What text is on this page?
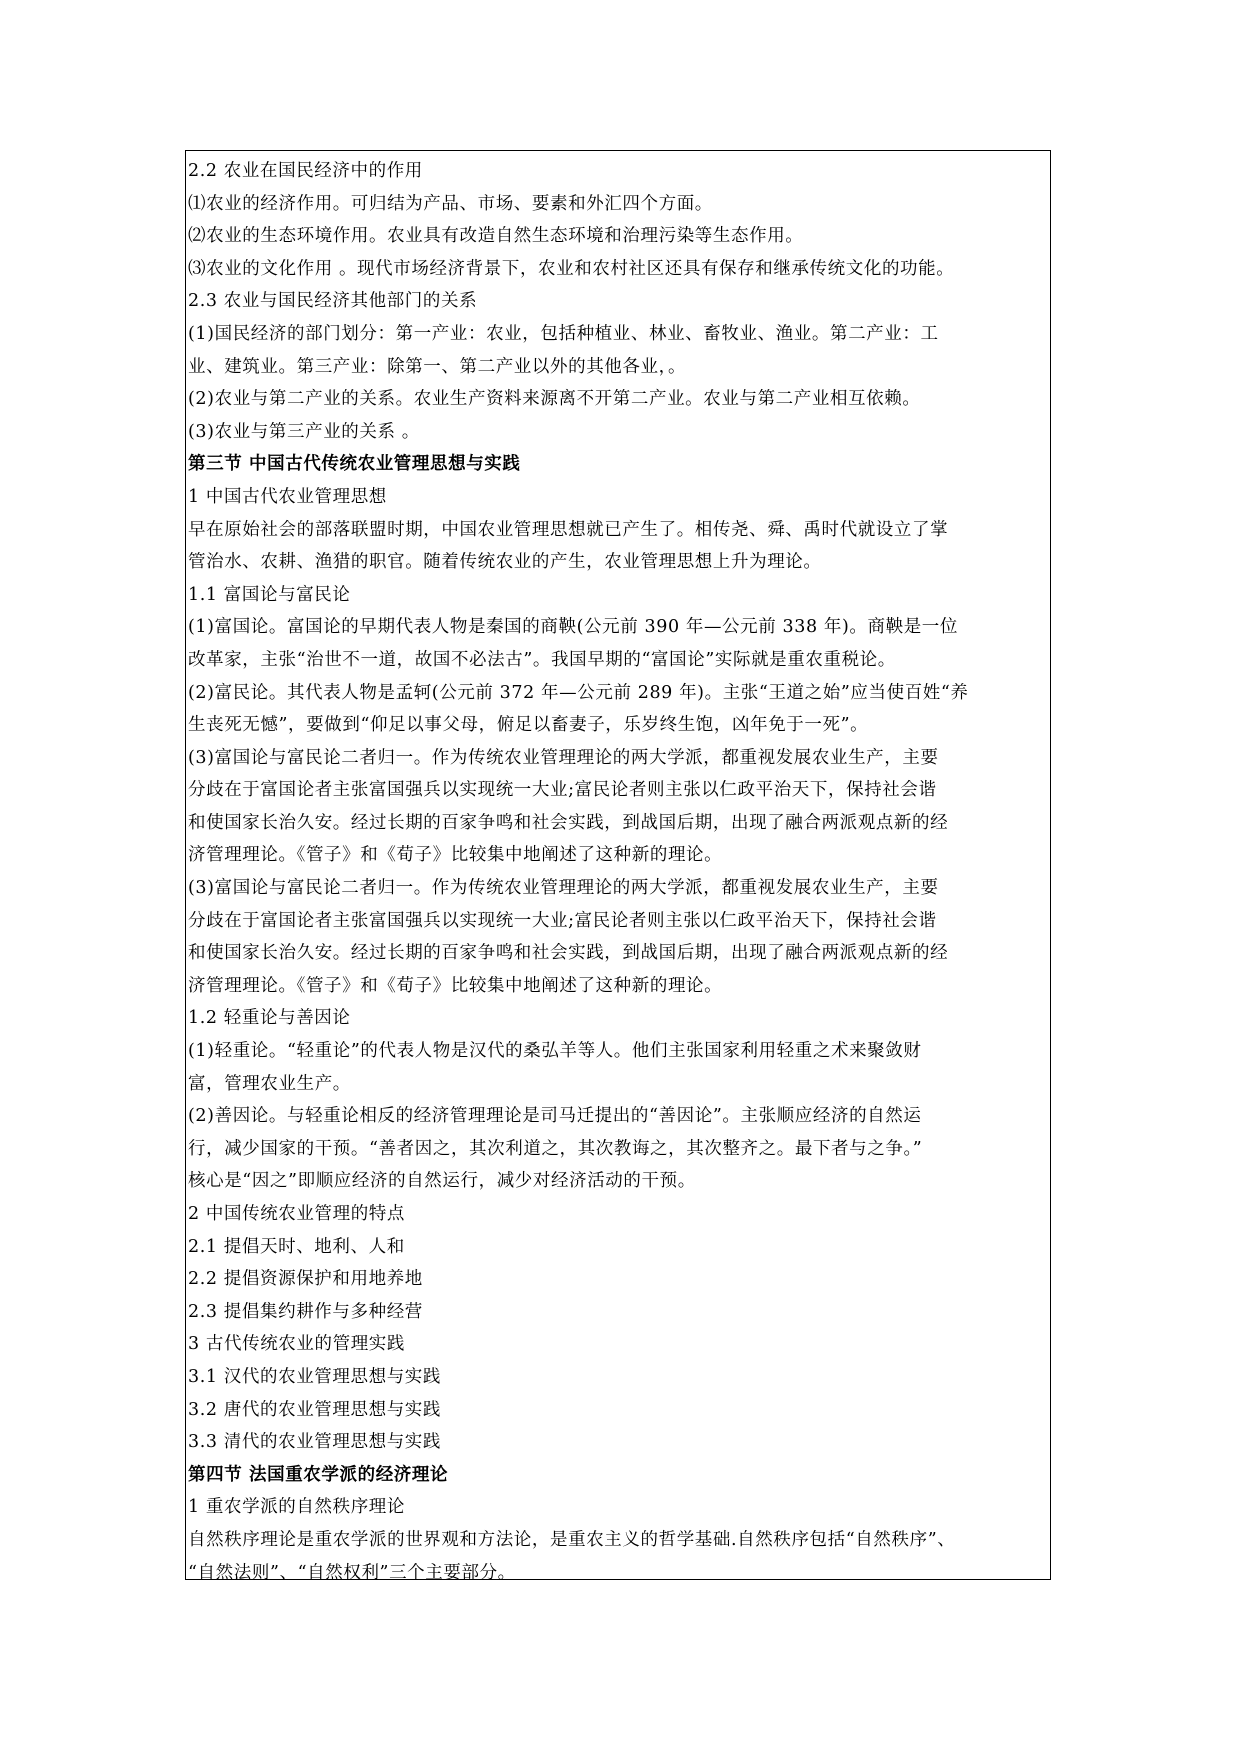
2.2 农业在国民经济中的作用
⑴农业的经济作用。可归结为产品、市场、要素和外汇四个方面。
⑵农业的生态环境作用。农业具有改造自然生态环境和治理污染等生态作用。
⑶农业的文化作用 。现代市场经济背景下，农业和农村社区还具有保存和继承传统文化的功能。
2.3 农业与国民经济其他部门的关系
(1)国民经济的部门划分：第一产业：农业，包括种植业、林业、畜牧业、渔业。第二产业：工
业、建筑业。第三产业：除第一、第二产业以外的其他各业，。
(2)农业与第二产业的关系。农业生产资料来源离不开第二产业。农业与第二产业相互依赖。
(3)农业与第三产业的关系 。
第三节 中国古代传统农业管理思想与实践
1 中国古代农业管理思想
早在原始社会的部落联盟时期，中国农业管理思想就已产生了。相传尧、舜、禹时代就设立了掌
管治水、农耕、渔猎的职官。随着传统农业的产生，农业管理思想上升为理论。
1.1 富国论与富民论
(1)富国论。富国论的早期代表人物是秦国的商鞅(公元前 390 年—公元前 338 年)。商鞅是一位
改革家，主张“治世不一道，故国不必法古”。我国早期的“富国论”实际就是重农重税论。
(2)富民论。其代表人物是孟轲(公元前 372 年—公元前 289 年)。主张“王道之始”应当使百姓“养
生丧死无憾”，要做到“仰足以事父母，俯足以畜妻子，乐岁终生饱，凶年免于一死”。
(3)富国论与富民论二者归一。作为传统农业管理理论的两大学派，都重视发展农业生产，主要
分歧在于富国论者主张富国强兵以实现统一大业;富民论者则主张以仁政平治天下，保持社会谐
和使国家长治久安。经过长期的百家争鸣和社会实践，到战国后期，出现了融合两派观点新的经
济管理理论。《管子》和《荀子》比较集中地阐述了这种新的理论。
(3)富国论与富民论二者归一。作为传统农业管理理论的两大学派，都重视发展农业生产，主要
分歧在于富国论者主张富国强兵以实现统一大业;富民论者则主张以仁政平治天下，保持社会谐
和使国家长治久安。经过长期的百家争鸣和社会实践，到战国后期，出现了融合两派观点新的经
济管理理论。《管子》和《荀子》比较集中地阐述了这种新的理论。
1.2 轻重论与善因论
(1)轻重论。“轻重论”的代表人物是汉代的桑弘羊等人。他们主张国家利用轻重之术来聚敛财
富，管理农业生产。
(2)善因论。与轻重论相反的经济管理理论是司马迁提出的“善因论”。主张顺应经济的自然运
行，减少国家的干预。“善者因之，其次利道之，其次教诲之，其次整齐之。最下者与之争。”
核心是“因之”即顺应经济的自然运行，减少对经济活动的干预。
2 中国传统农业管理的特点
2.1 提倡天时、地利、人和
2.2 提倡资源保护和用地养地
2.3 提倡集约耕作与多种经营
3 古代传统农业的管理实践
3.1 汉代的农业管理思想与实践
3.2 唐代的农业管理思想与实践
3.3 清代的农业管理思想与实践
第四节 法国重农学派的经济理论
1 重农学派的自然秩序理论
自然秩序理论是重农学派的世界观和方法论，是重农主义的哲学基础.自然秩序包括“自然秩序”、
“自然法则”、“自然权利”三个主要部分。
